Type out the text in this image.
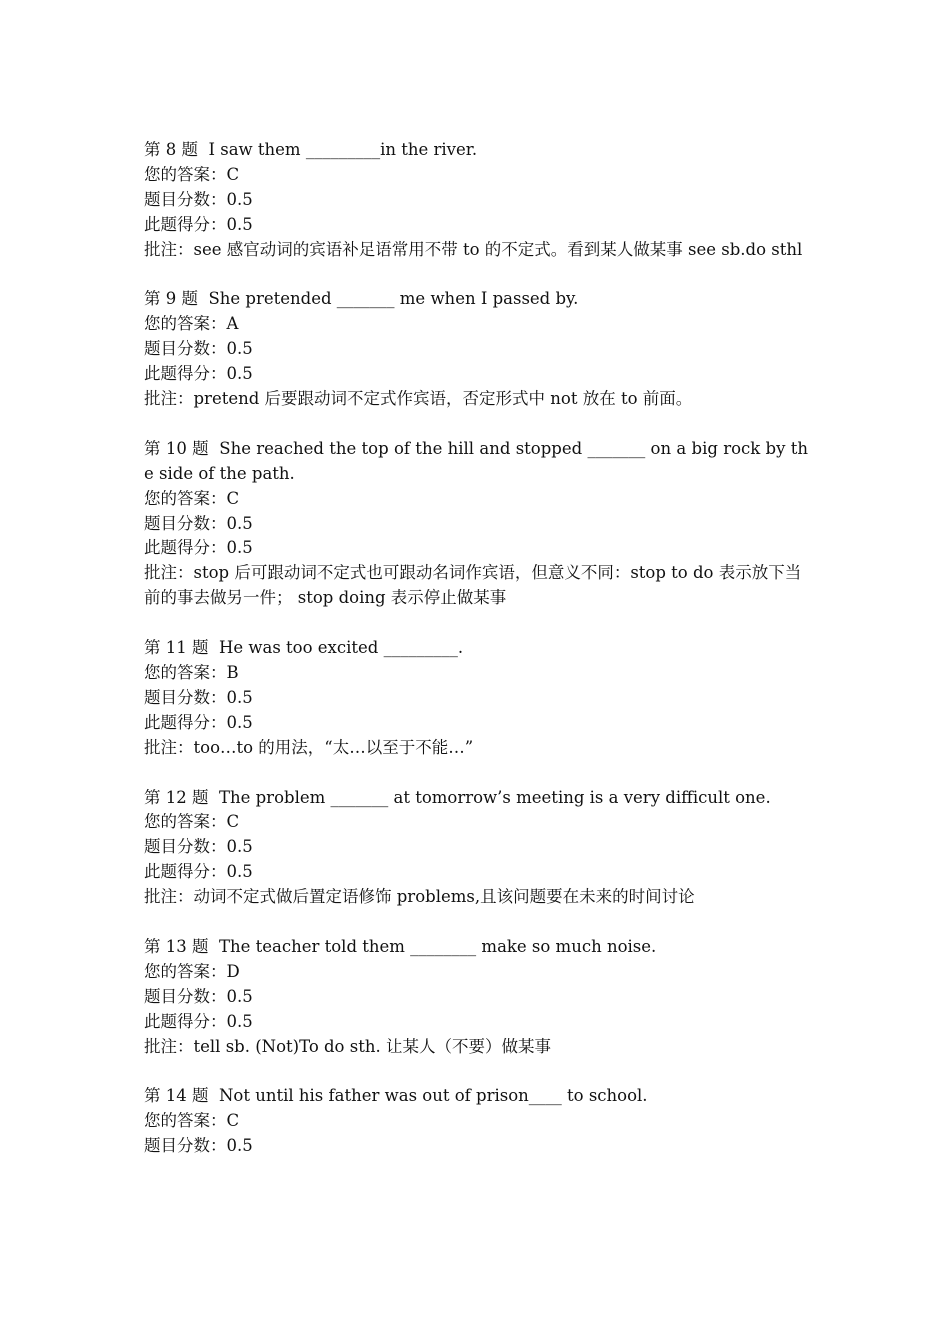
第 8 题  I saw them _________in the river.

您的答案：C

题目分数：0.5

此题得分：0.5

批注：see 感官动词的宾语补足语常用不带 to 的不定式。看到某人做某事 see sb.do sthl

第 9 题  She pretended _______ me when I passed by.

您的答案：A

题目分数：0.5

此题得分：0.5

批注：pretend 后要跟动词不定式作宾语，否定形式中 not 放在 to 前面。

第 10 题  She reached the top of the hill and stopped _______ on a big rock by the side of the path.

您的答案：C

题目分数：0.5

此题得分：0.5

批注：stop 后可跟动词不定式也可跟动名词作宾语，但意义不同：stop to do 表示放下当前的事去做另一件； stop doing 表示停止做某事

第 11 题  He was too excited _________.

您的答案：B

题目分数：0.5

此题得分：0.5

批注：too…to 的用法，“太…以至于不能…”

第 12 题  The problem _______ at tomorrow’s meeting is a very difficult one.

您的答案：C

题目分数：0.5

此题得分：0.5

批注：动词不定式做后置定语修饰 problems,且该问题要在未来的时间讨论

第 13 题  The teacher told them ________ make so much noise.

您的答案：D

题目分数：0.5

此题得分：0.5

批注：tell sb. (Not)To do sth. 让某人（不要）做某事

第 14 题  Not until his father was out of prison____ to school.

您的答案：C

题目分数：0.5
